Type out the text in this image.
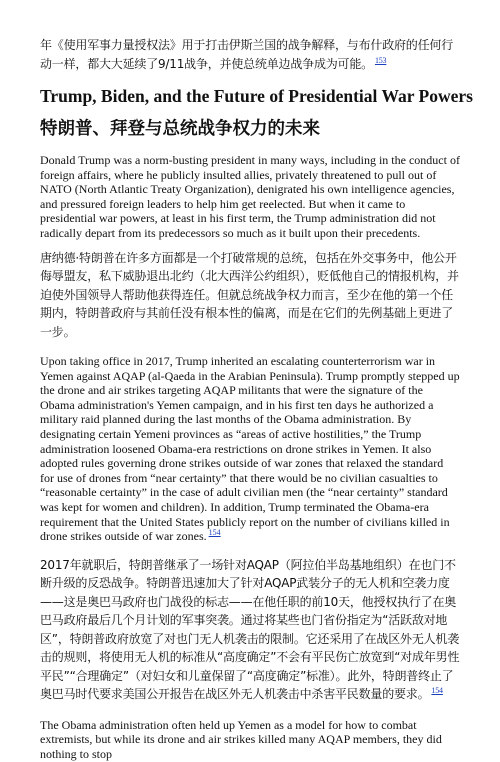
年《使用军事力量授权法》用于打击伊斯兰国的战争解释，与布什政府的任何行动一样，都大大延续了9/11战争，并使总统单边战争成为可能。 $^{153}$

Trump, Biden, and the Future of Presidential War Powers
特朗普、拜登与总统战争权力的未来

Donald Trump was a norm-busting president in many ways, including in the conduct of foreign affairs, where he publicly insulted allies, privately threatened to pull out of NATO (North Atlantic Treaty Organization), denigrated his own intelligence agencies, and pressured foreign leaders to help him get reelected. But when it came to presidential war powers, at least in his first term, the Trump administration did not radically depart from its predecessors so much as it built upon their precedents.

唐纳德·特朗普在许多方面都是一个打破常规的总统，包括在外交事务中，他公开侮辱盟友，私下威胁退出北约（北大西洋公约组织），贬低他自己的情报机构，并迫使外国领导人帮助他获得连任。但就总统战争权力而言，至少在他的第一个任期内，特朗普政府与其前任没有根本性的偏离，而是在它们的先例基础上更进了一步。

Upon taking office in 2017, Trump inherited an escalating counterterrorism war in Yemen against AQAP (al-Qaeda in the Arabian Peninsula). Trump promptly stepped up the drone and air strikes targeting AQAP militants that were the signature of the Obama administration's Yemen campaign, and in his first ten days he authorized a military raid planned during the last months of the Obama administration. By designating certain Yemeni provinces as “areas of active hostilities,” the Trump administration loosened Obama-era restrictions on drone strikes in Yemen. It also adopted rules governing drone strikes outside of war zones that relaxed the standard for use of drones from “near certainty” that there would be no civilian casualties to “reasonable certainty” in the case of adult civilian men (the “near certainty” standard was kept for women and children). In addition, Trump terminated the Obama-era requirement that the United States publicly report on the number of civilians killed in drone strikes outside of war zones. $^{154}$

2017年就职后，特朗普继承了一场针对AQAP（阿拉伯半岛基地组织）在也门不断升级的反恐战争。特朗普迅速加大了针对AQAP武装分子的无人机和空袭力度——这是奥巴马政府也门战役的标志——在他任职的前10天，他授权执行了在奥巴马政府最后几个月计划的军事突袭。通过将某些也门省份指定为“活跃敌对地区”，特朗普政府放宽了对也门无人机袭击的限制。它还采用了在战区外无人机袭击的规则，将使用无人机的标准从“高度确定”不会有平民伤亡放宽到“对成年男性平民”“合理确定”（对妇女和儿童保留了“高度确定”标准）。此外，特朗普终止了奥巴马时代要求美国公开报告在战区外无人机袭击中杀害平民数量的要求。 $^{154}$

The Obama administration often held up Yemen as a model for how to combat extremists, but while its drone and air strikes killed many AQAP members, they did nothing to stop
